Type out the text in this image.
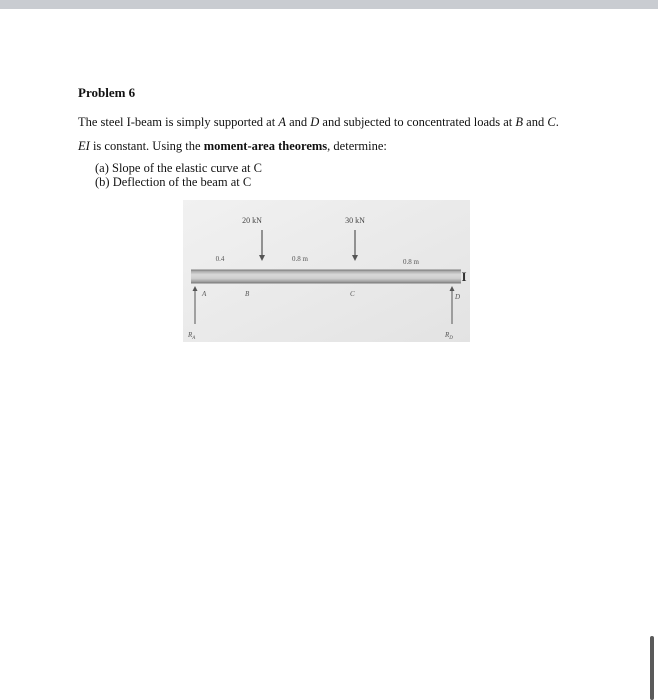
Problem 6
The steel I-beam is simply supported at A and D and subjected to concentrated loads at B and C.
EI is constant. Using the moment-area theorems, determine:
(a) Slope of the elastic curve at C
(b) Deflection of the beam at C
I
20 kN	30 kN
0.4	0.8 m	0.8 m
A	B	C	D
$R_A$	$R_D$
